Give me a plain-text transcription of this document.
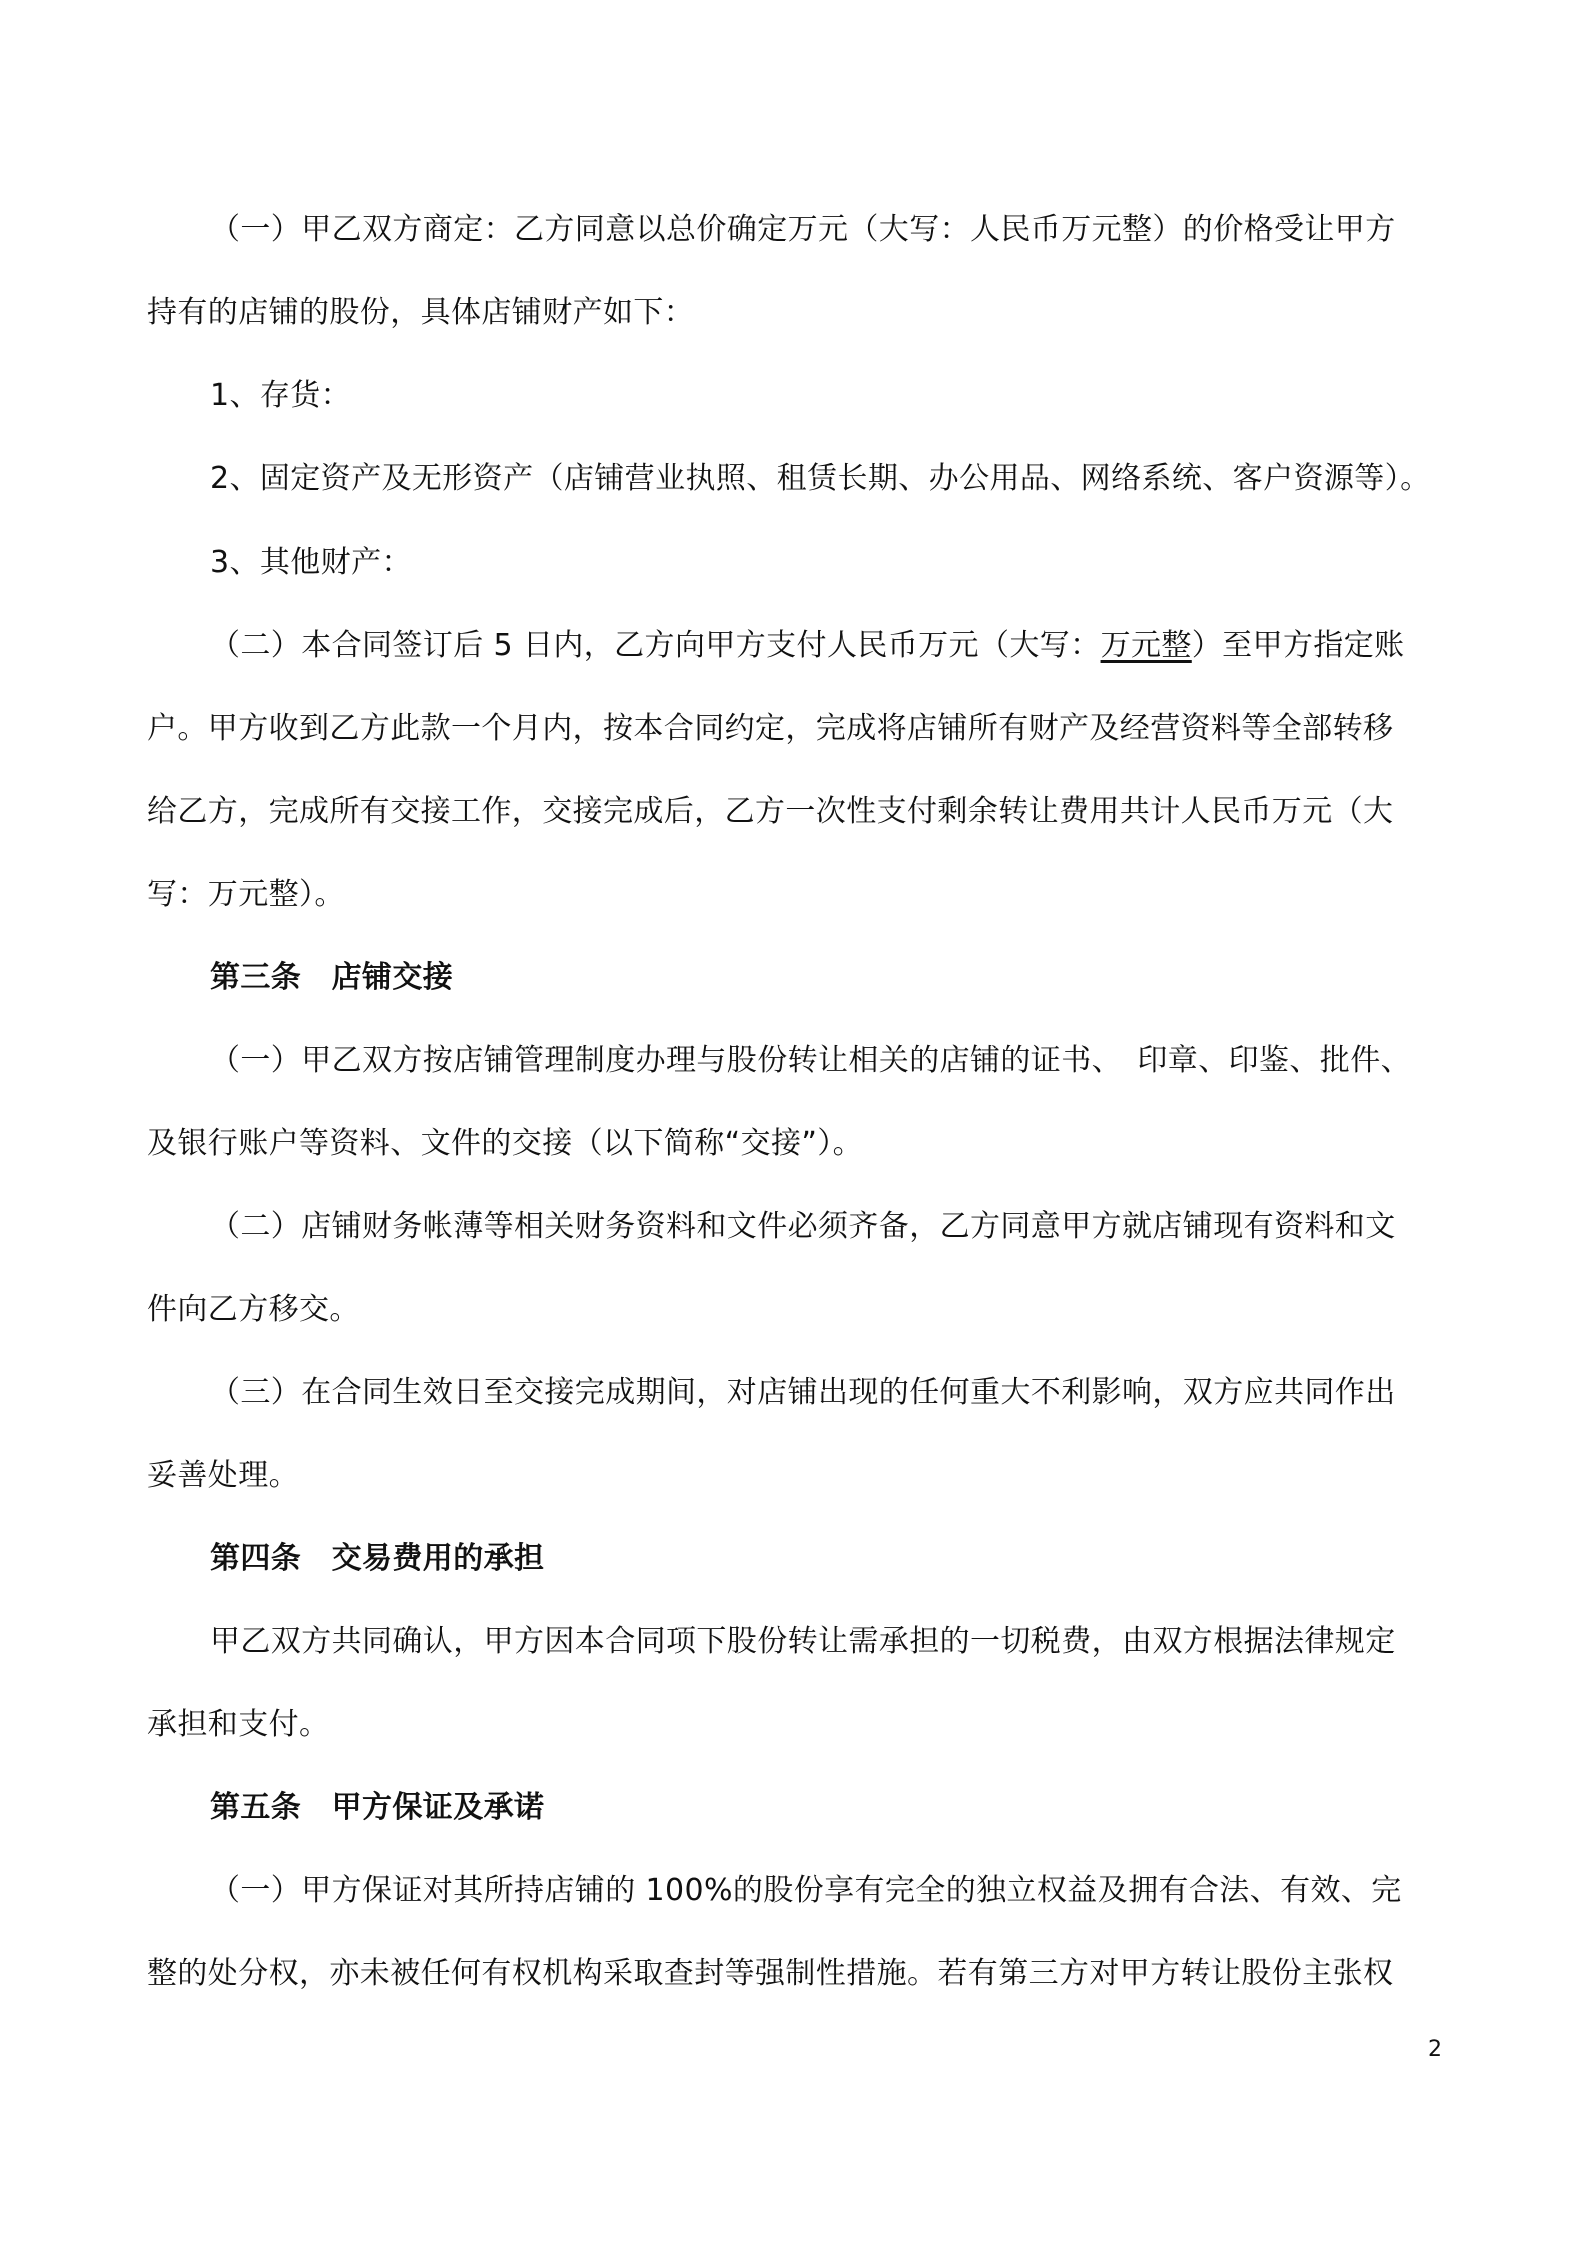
（一）甲乙双方商定：乙方同意以总价确定万元（大写：人民币万元整）的价格受让甲方
持有的店铺的股份，具体店铺财产如下：
1、存货：
2、固定资产及无形资产（店铺营业执照、租赁长期、办公用品、网络系统、客户资源等）。
3、其他财产：
（二）本合同签订后 5 日内，乙方向甲方支付人民币万元（大写：万元整）至甲方指定账
户。甲方收到乙方此款一个月内，按本合同约定，完成将店铺所有财产及经营资料等全部转移
给乙方，完成所有交接工作，交接完成后，乙方一次性支付剩余转让费用共计人民币万元（大
写：万元整）。
第三条　店铺交接
（一）甲乙双方按店铺管理制度办理与股份转让相关的店铺的证书、　印章、印鉴、批件、
及银行账户等资料、文件的交接（以下简称“交接”）。
（二）店铺财务帐薄等相关财务资料和文件必须齐备，乙方同意甲方就店铺现有资料和文
件向乙方移交。
（三）在合同生效日至交接完成期间，对店铺出现的任何重大不利影响，双方应共同作出
妥善处理。
第四条　交易费用的承担
甲乙双方共同确认，甲方因本合同项下股份转让需承担的一切税费，由双方根据法律规定
承担和支付。
第五条　甲方保证及承诺
（一）甲方保证对其所持店铺的 100%的股份享有完全的独立权益及拥有合法、有效、完
整的处分权，亦未被任何有权机构采取查封等强制性措施。若有第三方对甲方转让股份主张权
2
